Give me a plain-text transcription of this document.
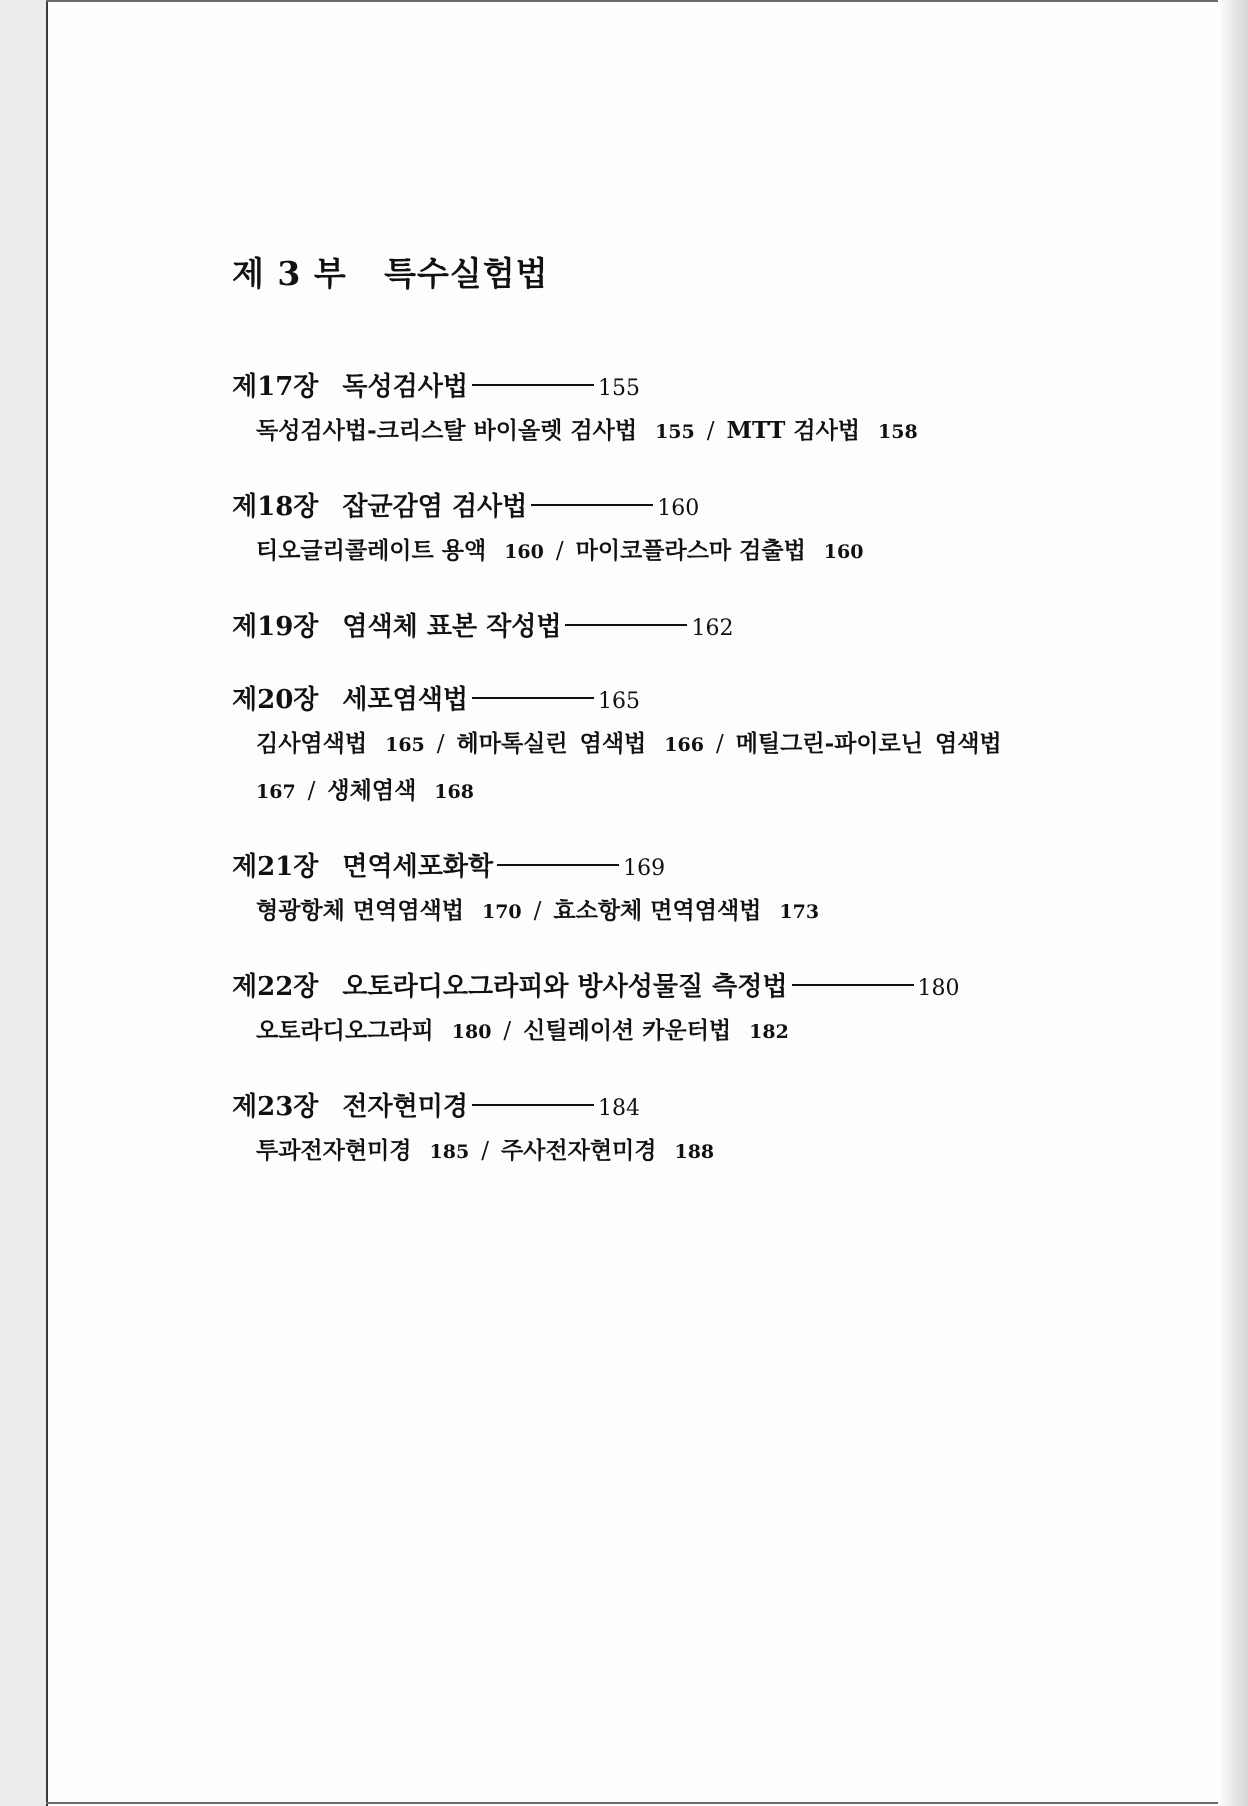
제 3 부   특수실험법
제17장 독성검사법	155
독성검사법-크리스탈 바이올렛 검사법 155 / MTT 검사법 158
제18장 잡균감염 검사법	160
티오글리콜레이트 용액 160 / 마이코플라스마 검출법 160
제19장 염색체 표본 작성법	162
제20장 세포염색법	165
김사염색법 165 / 헤마톡실린 염색법 166 / 메틸그린-파이로닌 염색법
167 / 생체염색 168
제21장 면역세포화학	169
형광항체 면역염색법 170 / 효소항체 면역염색법 173
제22장 오토라디오그라피와 방사성물질 측정법	180
오토라디오그라피 180 / 신틸레이션 카운터법 182
제23장 전자현미경	184
투과전자현미경 185 / 주사전자현미경 188
